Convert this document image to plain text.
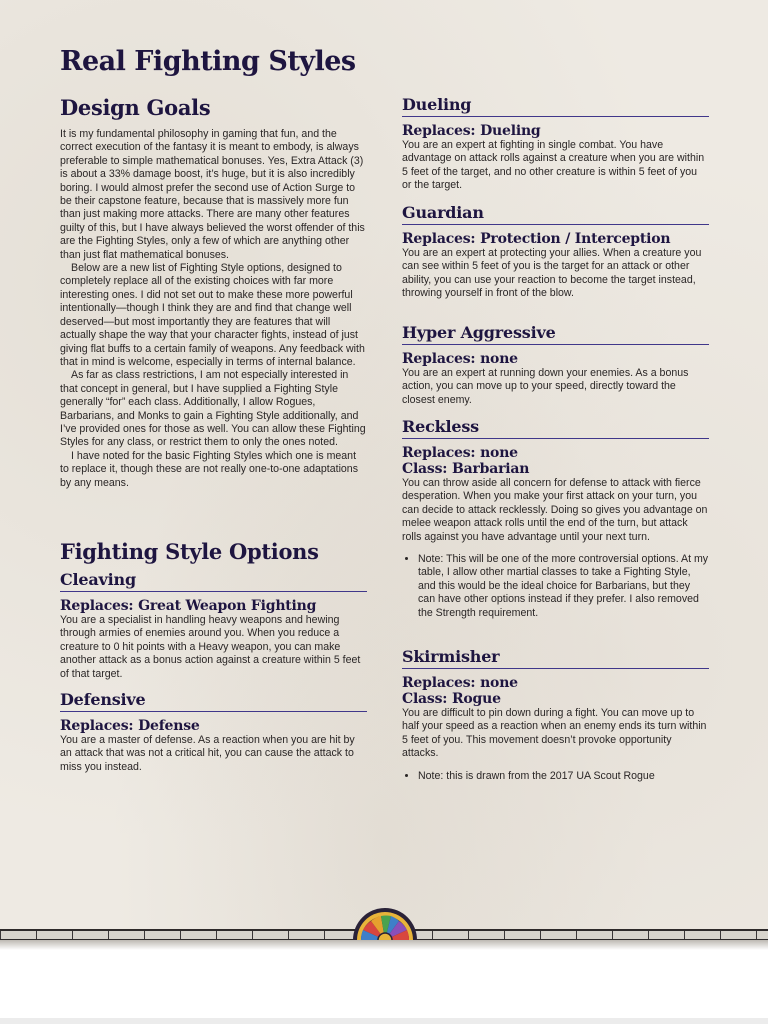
Real Fighting Styles
Design Goals

It is my fundamental philosophy in gaming that fun, and the correct execution of the fantasy it is meant to embody, is always preferable to simple mathematical bonuses. Yes, Extra Attack (3) is about a 33% damage boost, it’s huge, but it is also incredibly boring. I would almost prefer the second use of Action Surge to be their capstone feature, because that is massively more fun than just making more attacks. There are many other features guilty of this, but I have always believed the worst offender of this are the Fighting Styles, only a few of which are anything other than just flat mathematical bonuses.

Below are a new list of Fighting Style options, designed to completely replace all of the existing choices with far more interesting ones. I did not set out to make these more powerful intentionally—though I think they are and find that change well deserved—but most importantly they are features that will actually shape the way that your character fights, instead of just giving flat buffs to a certain family of weapons. Any feedback with that in mind is welcome, especially in terms of internal balance.

As far as class restrictions, I am not especially interested in that concept in general, but I have supplied a Fighting Style generally “for” each class. Additionally, I allow Rogues, Barbarians, and Monks to gain a Fighting Style additionally, and I’ve provided ones for those as well. You can allow these Fighting Styles for any class, or restrict them to only the ones noted.

I have noted for the basic Fighting Styles which one is meant to replace it, though these are not really one-to-one adaptations by any means.

Fighting Style Options
Cleaving
Replaces: Great Weapon Fighting

You are a specialist in handling heavy weapons and hewing through armies of enemies around you. When you reduce a creature to 0 hit points with a Heavy weapon, you can make another attack as a bonus action against a creature within 5 feet of that target.

Defensive
Replaces: Defense

You are a master of defense. As a reaction when you are hit by an attack that was not a critical hit, you can cause the attack to miss you instead.

Dueling
Replaces: Dueling

You are an expert at fighting in single combat. You have advantage on attack rolls against a creature when you are within 5 feet of the target, and no other creature is within 5 feet of you or the target.

Guardian
Replaces: Protection / Interception

You are an expert at protecting your allies. When a creature you can see within 5 feet of you is the target for an attack or other ability, you can use your reaction to become the target instead, throwing yourself in front of the blow.

Hyper Aggressive
Replaces: none

You are an expert at running down your enemies. As a bonus action, you can move up to your speed, directly toward the closest enemy.

Reckless
Replaces: none
Class: Barbarian

You can throw aside all concern for defense to attack with fierce desperation. When you make your first attack on your turn, you can decide to attack recklessly. Doing so gives you advantage on melee weapon attack rolls until the end of the turn, but attack rolls against you have advantage until your next turn.

• Note: This will be one of the more controversial options. At my table, I allow other martial classes to take a Fighting Style, and this would be the ideal choice for Barbarians, but they can have other options instead if they prefer. I also removed the Strength requirement.
Skirmisher
Replaces: none
Class: Rogue

You are difficult to pin down during a fight. You can move up to half your speed as a reaction when an enemy ends its turn within 5 feet of you. This movement doesn’t provoke opportunity attacks.

• Note: this is drawn from the 2017 UA Scout Rogue
